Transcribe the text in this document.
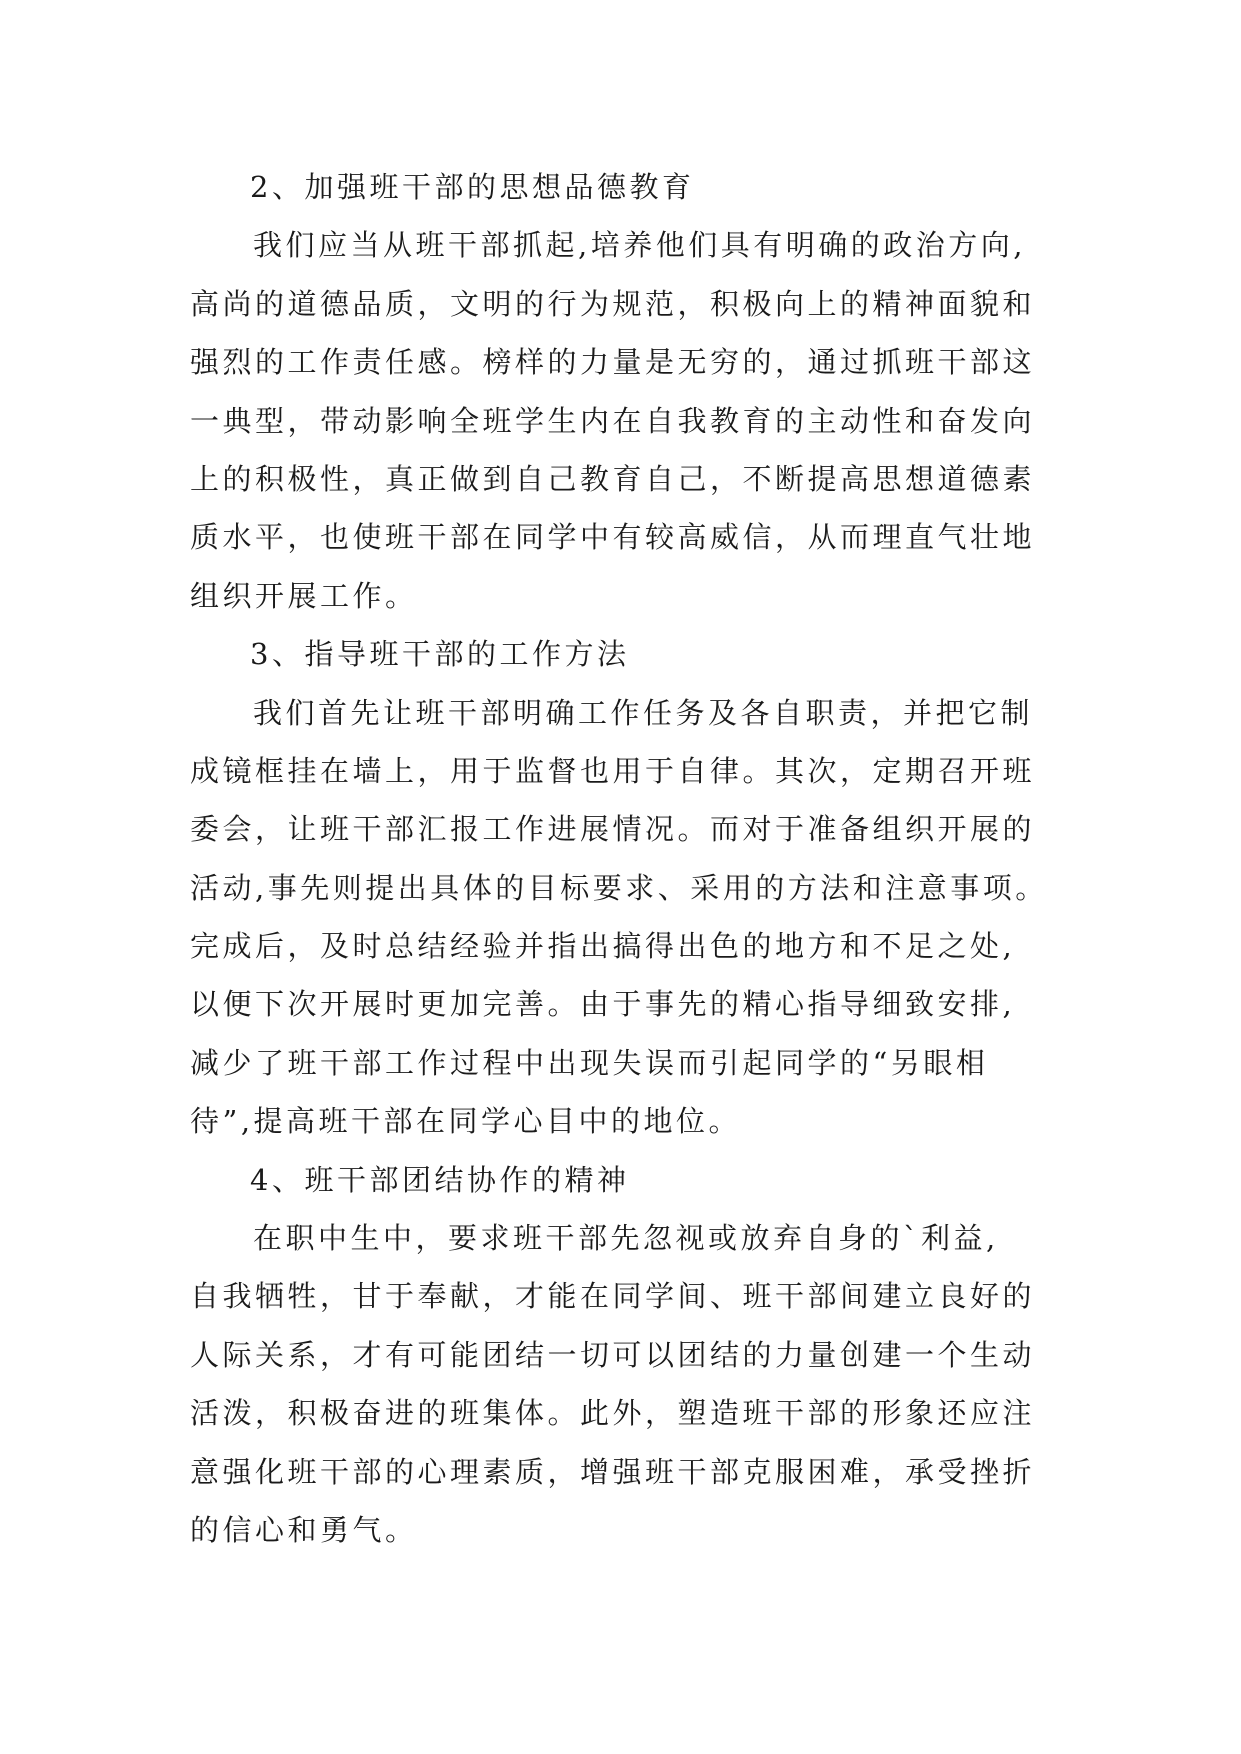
2、加强班干部的思想品德教育
我们应当从班干部抓起,培养他们具有明确的政治方向,
高尚的道德品质，文明的行为规范，积极向上的精神面貌和
强烈的工作责任感。榜样的力量是无穷的，通过抓班干部这
一典型，带动影响全班学生内在自我教育的主动性和奋发向
上的积极性，真正做到自己教育自己，不断提高思想道德素
质水平，也使班干部在同学中有较高威信，从而理直气壮地
组织开展工作。
3、指导班干部的工作方法
我们首先让班干部明确工作任务及各自职责，并把它制
成镜框挂在墙上，用于监督也用于自律。其次，定期召开班
委会，让班干部汇报工作进展情况。而对于准备组织开展的
活动,事先则提出具体的目标要求、采用的方法和注意事项。
完成后，及时总结经验并指出搞得出色的地方和不足之处,
以便下次开展时更加完善。由于事先的精心指导细致安排,
减少了班干部工作过程中出现失误而引起同学的“另眼相
待”,提高班干部在同学心目中的地位。
4、班干部团结协作的精神
在职中生中，要求班干部先忽视或放弃自身的`利益,
自我牺牲，甘于奉献，才能在同学间、班干部间建立良好的
人际关系，才有可能团结一切可以团结的力量创建一个生动
活泼，积极奋进的班集体。此外，塑造班干部的形象还应注
意强化班干部的心理素质，增强班干部克服困难，承受挫折
的信心和勇气。
